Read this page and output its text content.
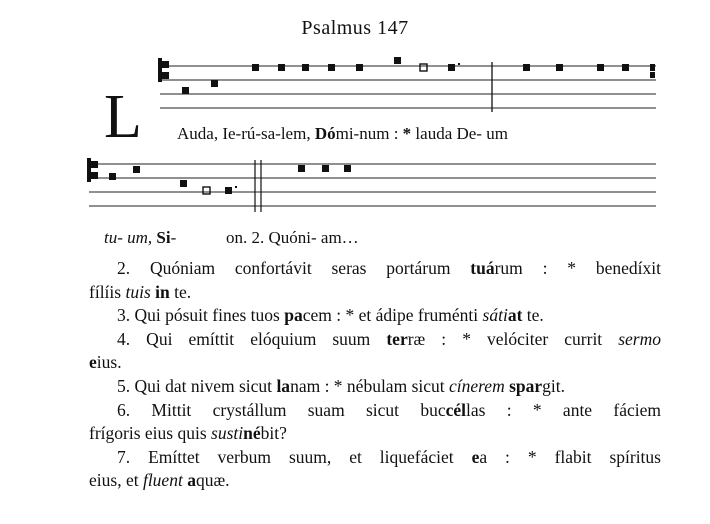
Psalmus 147
L Auda, Ie-rú-sa-lem, Dómi-num : * lauda De- um
tu- um, Si-	on. 2. Quóni- am…

2. Quóniam confortávit seras portárum tuárum : * benedíxit

fílíis tuis in te.

3. Qui pósuit fines tuos pacem : * et ádipe fruménti sátiat te.

4. Qui emíttit elóquium suum terræ : * velóciter currit sermo

eius.

5. Qui dat nivem sicut lanam : * nébulam sicut cínerem spargit.

6. Mittit crystállum suam sicut buccéllas : * ante fáciem

frígoris eius quis sustinébit?

7. Emíttet verbum suum, et liquefáciet ea : * flabit spíritus

eius, et fluent aquæ.
